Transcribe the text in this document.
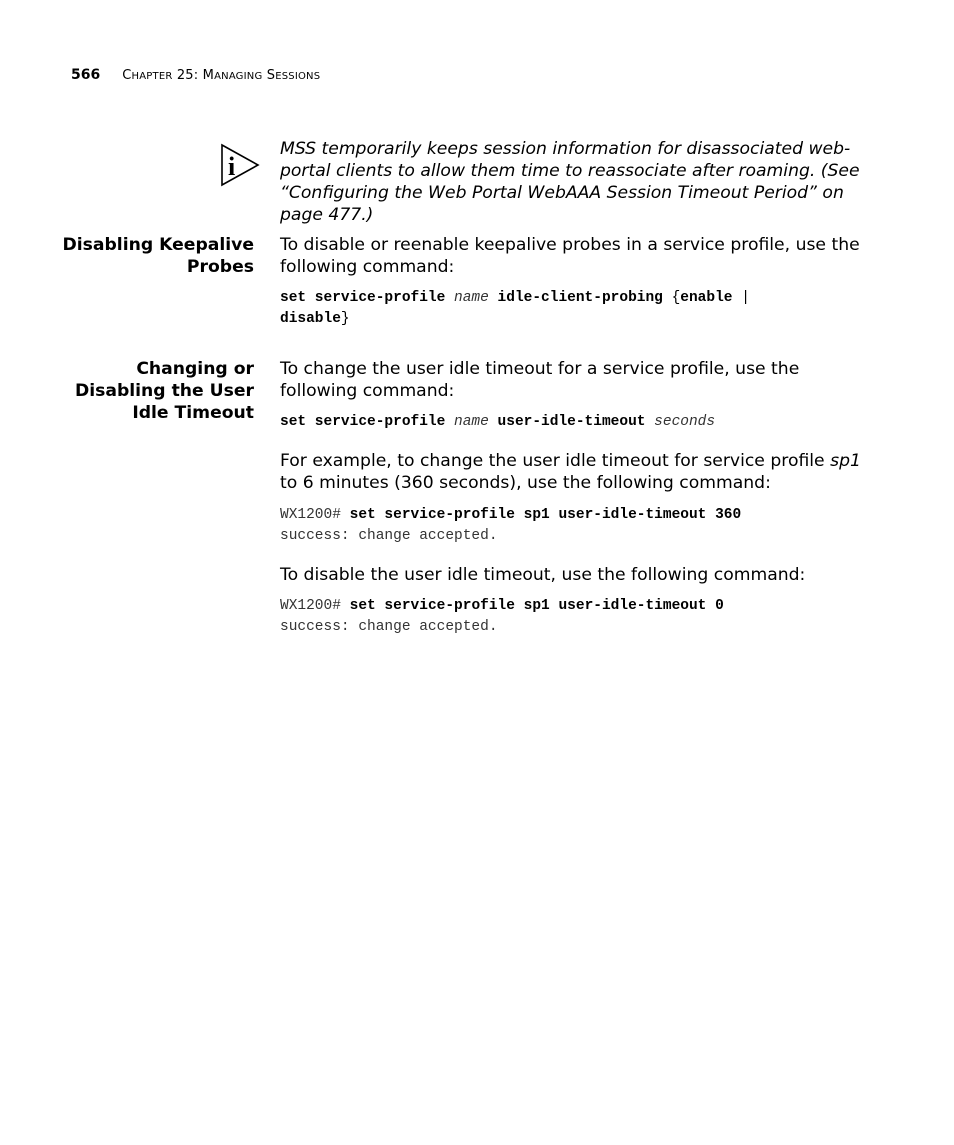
566 CHAPTER 25: MANAGING SESSIONS
i
MSS temporarily keeps session information for disassociated web-portal clients to allow them time to reassociate after roaming. (See “Configuring the Web Portal WebAAA Session Timeout Period” on page 477.)
Disabling Keepalive
Probes
To disable or reenable keepalive probes in a service profile, use the following command:
set service-profile name idle-client-probing {enable |
disable}
Changing or
Disabling the User
Idle Timeout
To change the user idle timeout for a service profile, use the following command:
set service-profile name user-idle-timeout seconds
For example, to change the user idle timeout for service profile sp1 to 6 minutes (360 seconds), use the following command:
WX1200# set service-profile sp1 user-idle-timeout 360
success: change accepted.
To disable the user idle timeout, use the following command:
WX1200# set service-profile sp1 user-idle-timeout 0
success: change accepted.
